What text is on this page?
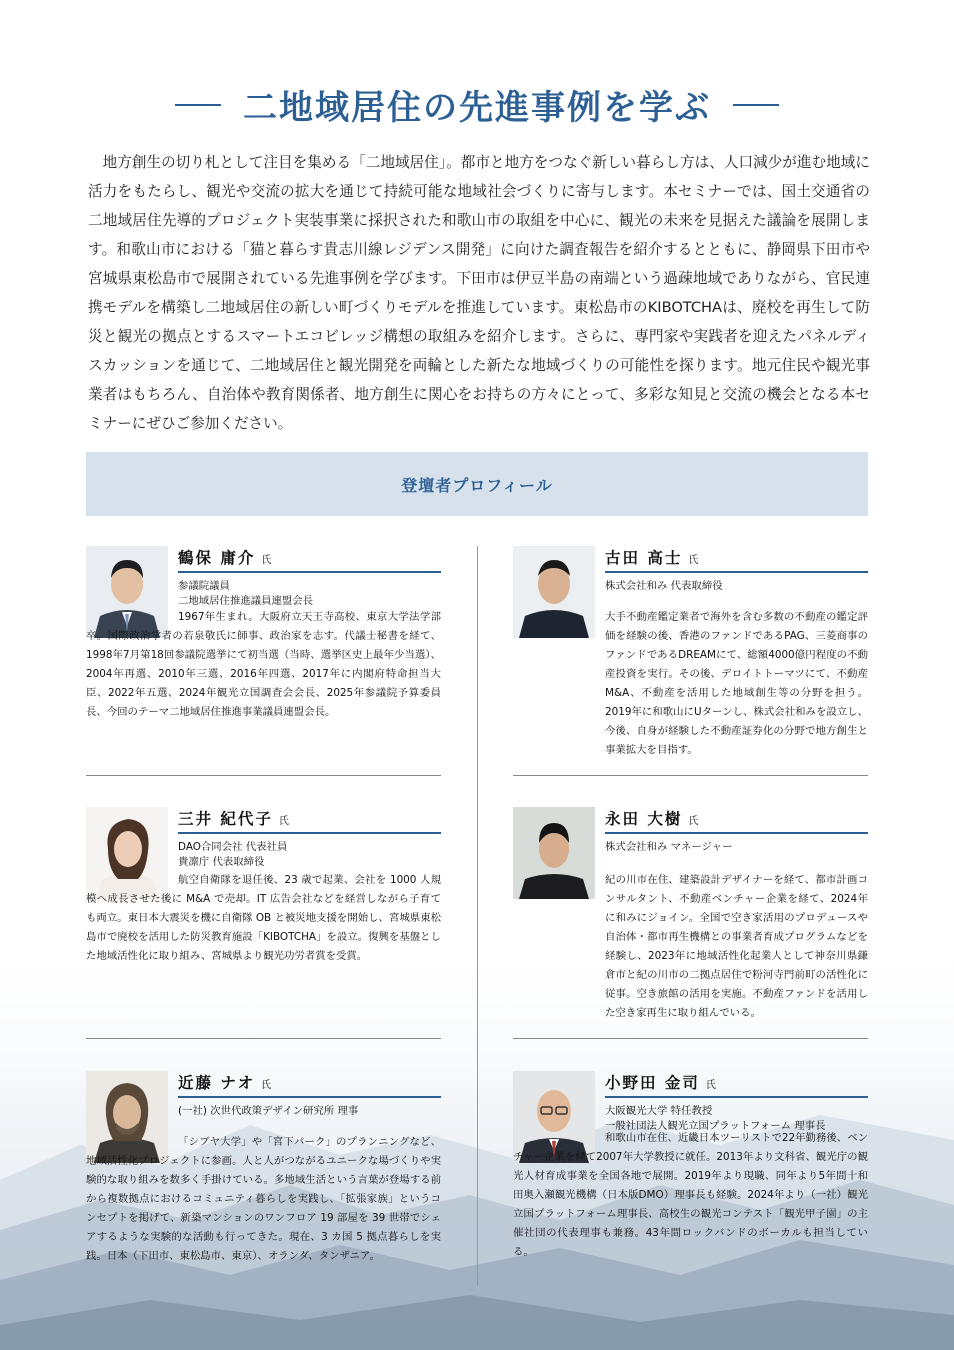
二地域居住の先進事例を学ぶ

地方創生の切り札として注目を集める「二地域居住」。都市と地方をつなぐ新しい暮らし方は、人口減少が進む地域に活力をもたらし、観光や交流の拡大を通じて持続可能な地域社会づくりに寄与します。本セミナーでは、国土交通省の二地域居住先導的プロジェクト実装事業に採択された和歌山市の取組を中心に、観光の未来を見据えた議論を展開します。和歌山市における「猫と暮らす貴志川線レジデンス開発」に向けた調査報告を紹介するとともに、静岡県下田市や宮城県東松島市で展開されている先進事例を学びます。下田市は伊豆半島の南端という過疎地域でありながら、官民連携モデルを構築し二地域居住の新しい町づくりモデルを推進しています。東松島市のKIBOTCHAは、廃校を再生して防災と観光の拠点とするスマートエコビレッジ構想の取組みを紹介します。さらに、専門家や実践者を迎えたパネルディスカッションを通じて、二地域居住と観光開発を両輪とした新たな地域づくりの可能性を探ります。地元住民や観光事業者はもちろん、自治体や教育関係者、地方創生に関心をお持ちの方々にとって、多彩な知見と交流の機会となる本セミナーにぜひご参加ください。

登壇者プロフィール
鶴保 庸介 氏
参議院議員
二地域居住推進議員連盟会長

1967年生まれ。大阪府立天王寺高校、東京大学法学部卒。国際政治学者の若泉敬氏に師事、政治家を志す。代議士秘書を経て、1998年7月第18回参議院選挙にて初当選（当時、選挙区史上最年少当選）、2004年再選、2010年三選、2016年四選、2017年に内閣府特命担当大臣、2022年五選、2024年観光立国調査会会長、2025年参議院予算委員長、今回のテーマ二地域居住推進事業議員連盟会長。

古田 高士 氏
株式会社和み 代表取締役

大手不動産鑑定業者で海外を含む多数の不動産の鑑定評価を経験の後、香港のファンドであるPAG、三菱商事のファンドであるDREAMにて、総額4000億円程度の不動産投資を実行。その後、デロイトトーマツにて、不動産M&A、不動産を活用した地域創生等の分野を担う。2019年に和歌山にUターンし、株式会社和みを設立し、今後、自身が経験した不動産証券化の分野で地方創生と事業拡大を目指す。

三井 紀代子 氏
DAO合同会社 代表社員
貴凛庁 代表取締役

航空自衛隊を退任後、23 歳で起業、会社を 1000 人規模へ成長させた後に M&A で売却。IT 広告会社などを経営しながら子育ても両立。東日本大震災を機に自衛隊 OB と被災地支援を開始し、宮城県東松島市で廃校を活用した防災教育施設「KIBOTCHA」を設立。復興を基盤とした地域活性化に取り組み、宮城県より観光功労者賞を受賞。

永田 大樹 氏
株式会社和み マネージャー

紀の川市在住、建築設計デザイナーを経て、都市計画コンサルタント、不動産ベンチャー企業を経て、2024年に和みにジョイン。全国で空き家活用のプロデュースや自治体・都市再生機構との事業者育成プログラムなどを経験し、2023年に地域活性化起業人として神奈川県鎌倉市と紀の川市の二拠点居住で粉河寺門前町の活性化に従事。空き旅館の活用を実施。不動産ファンドを活用した空き家再生に取り組んでいる。

近藤 ナオ 氏
(一社) 次世代政策デザイン研究所 理事

「シブヤ大学」や「宮下パーク」のプランニングなど、地域活性化プロジェクトに参画。人と人がつながるユニークな場づくりや実験的な取り組みを数多く手掛けている。多地域生活という言葉が登場する前から複数拠点におけるコミュニティ暮らしを実践し、「拡張家族」というコンセプトを掲げて、新築マンションのワンフロア 19 部屋を 39 世帯でシェアするような実験的な活動も行ってきた。現在、3 カ国 5 拠点暮らしを実践。日本（下田市、東松島市、東京）、オランダ、タンザニア。

小野田 金司 氏
大阪観光大学 特任教授
一般社団法人観光立国プラットフォーム 理事長

和歌山市在住、近畿日本ツーリストで22年勤務後、ベンチャー企業を経て2007年大学教授に就任。2013年より文科省、観光庁の観光人材育成事業を全国各地で展開。2019年より現職、同年より5年間十和田奥入瀬観光機構（日本版DMO）理事長も経験。2024年より（一社）観光立国プラットフォーム理事長、高校生の観光コンテスト「観光甲子園」の主催社団の代表理事も兼務。43年間ロックバンドのボーカルも担当している。
